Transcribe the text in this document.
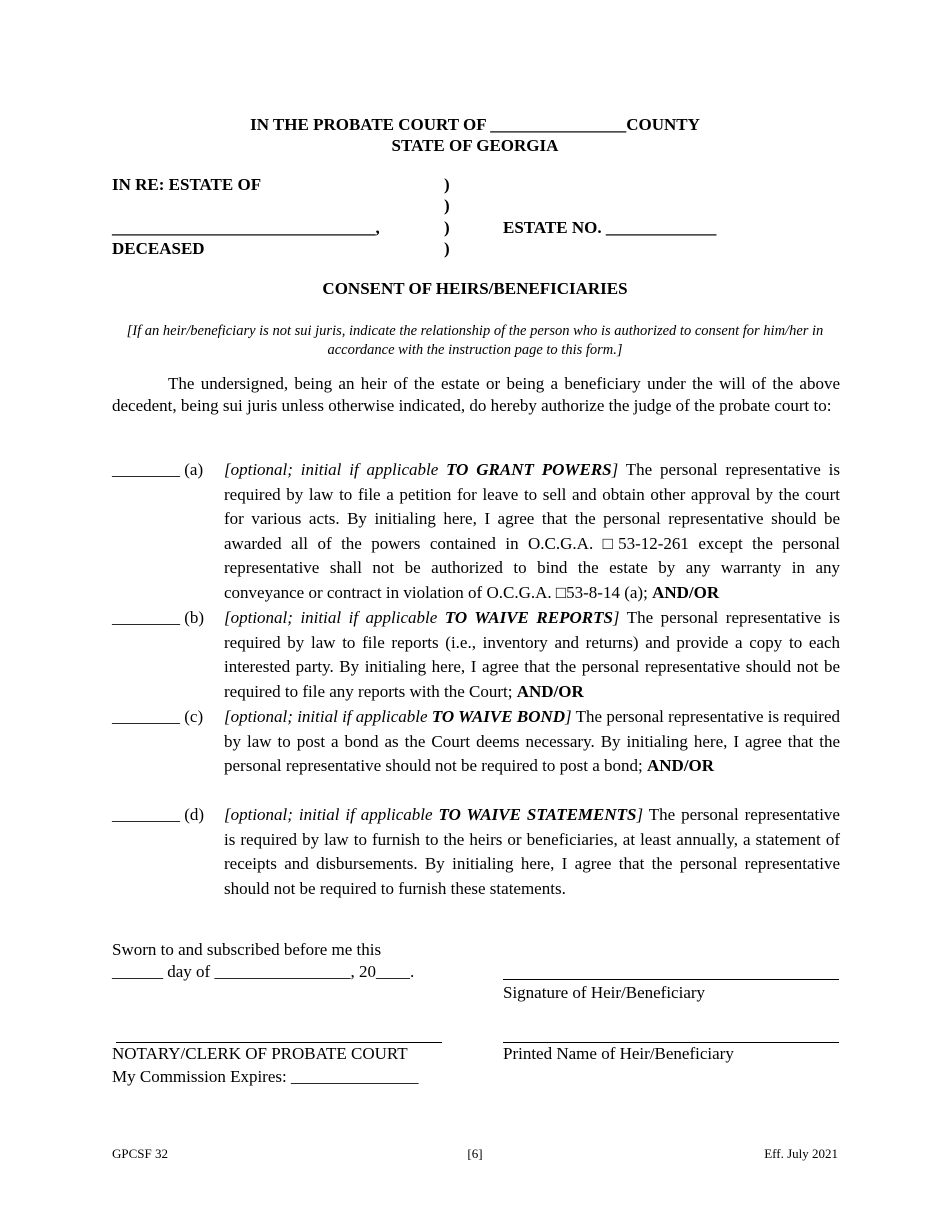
IN THE PROBATE COURT OF ________________COUNTY
STATE OF GEORGIA
IN RE: ESTATE OF
_______________________________,
DECEASED
)
)
)
)
ESTATE NO. _____________
CONSENT OF HEIRS/BENEFICIARIES
[If an heir/beneficiary is not sui juris, indicate the relationship of the person who is authorized to consent for him/her in accordance with the instruction page to this form.]
The undersigned, being an heir of the estate or being a beneficiary under the will of the above decedent, being sui juris unless otherwise indicated, do hereby authorize the judge of the probate court to:
________ (a) [optional; initial if applicable TO GRANT POWERS] The personal representative is required by law to file a petition for leave to sell and obtain other approval by the court for various acts. By initialing here, I agree that the personal representative should be awarded all of the powers contained in O.C.G.A. □53-12-261 except the personal representative shall not be authorized to bind the estate by any warranty in any conveyance or contract in violation of O.C.G.A. □53-8-14 (a); AND/OR
________ (b) [optional; initial if applicable TO WAIVE REPORTS] The personal representative is required by law to file reports (i.e., inventory and returns) and provide a copy to each interested party. By initialing here, I agree that the personal representative should not be required to file any reports with the Court; AND/OR
________ (c) [optional; initial if applicable TO WAIVE BOND] The personal representative is required by law to post a bond as the Court deems necessary. By initialing here, I agree that the personal representative should not be required to post a bond; AND/OR
________ (d) [optional; initial if applicable TO WAIVE STATEMENTS] The personal representative is required by law to furnish to the heirs or beneficiaries, at least annually, a statement of receipts and disbursements. By initialing here, I agree that the personal representative should not be required to furnish these statements.
Sworn to and subscribed before me this
______ day of ________________, 20____.
Signature of Heir/Beneficiary
NOTARY/CLERK OF PROBATE COURT
My Commission Expires: _______________
Printed Name of Heir/Beneficiary
GPCSF 32	[6]	Eff. July 2021
